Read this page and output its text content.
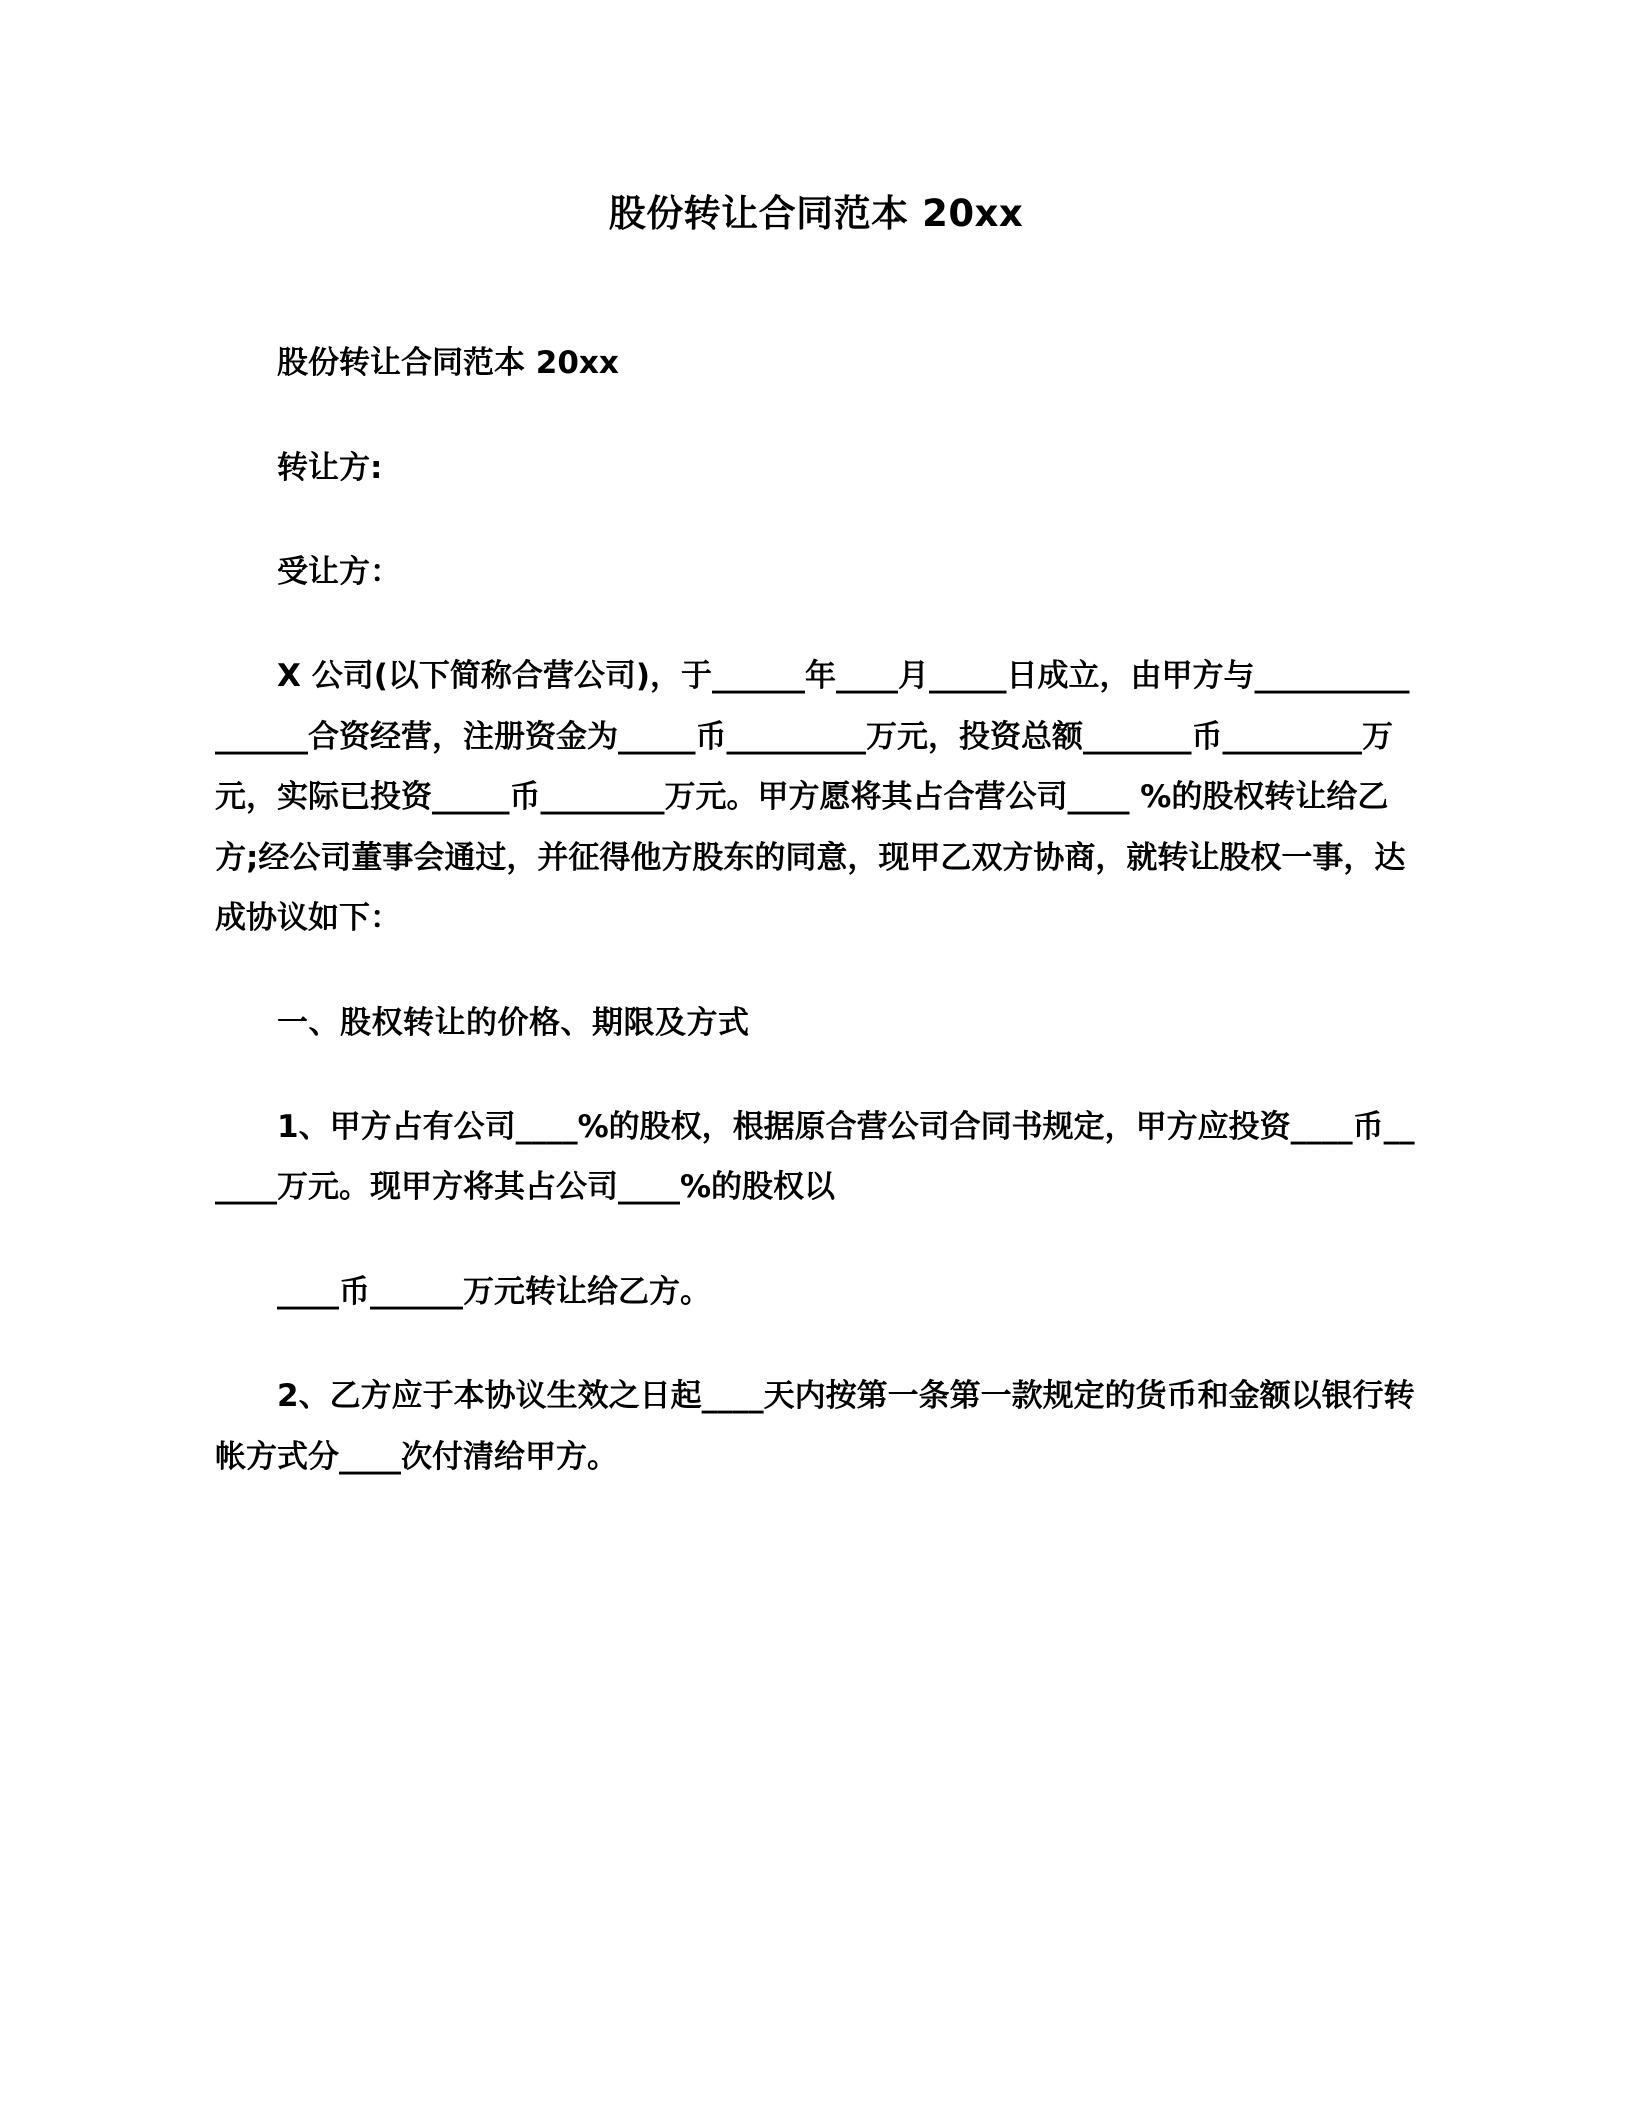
股份转让合同范本 20xx

股份转让合同范本 20xx

转让方:

受让方：

X 公司(以下简称合营公司)，于______年____月_____日成立，由甲方与________________合资经营，注册资金为_____币_________万元，投资总额_______币_________万元，实际已投资_____币________万元。甲方愿将其占合营公司____ %的股权转让给乙方;经公司董事会通过，并征得他方股东的同意，现甲乙双方协商，就转让股权一事，达成协议如下：

一、股权转让的价格、期限及方式

1、甲方占有公司____%的股权，根据原合营公司合同书规定，甲方应投资____币______万元。现甲方将其占公司____%的股权以

____币______万元转让给乙方。

2、乙方应于本协议生效之日起____天内按第一条第一款规定的货币和金额以银行转帐方式分____次付清给甲方。
